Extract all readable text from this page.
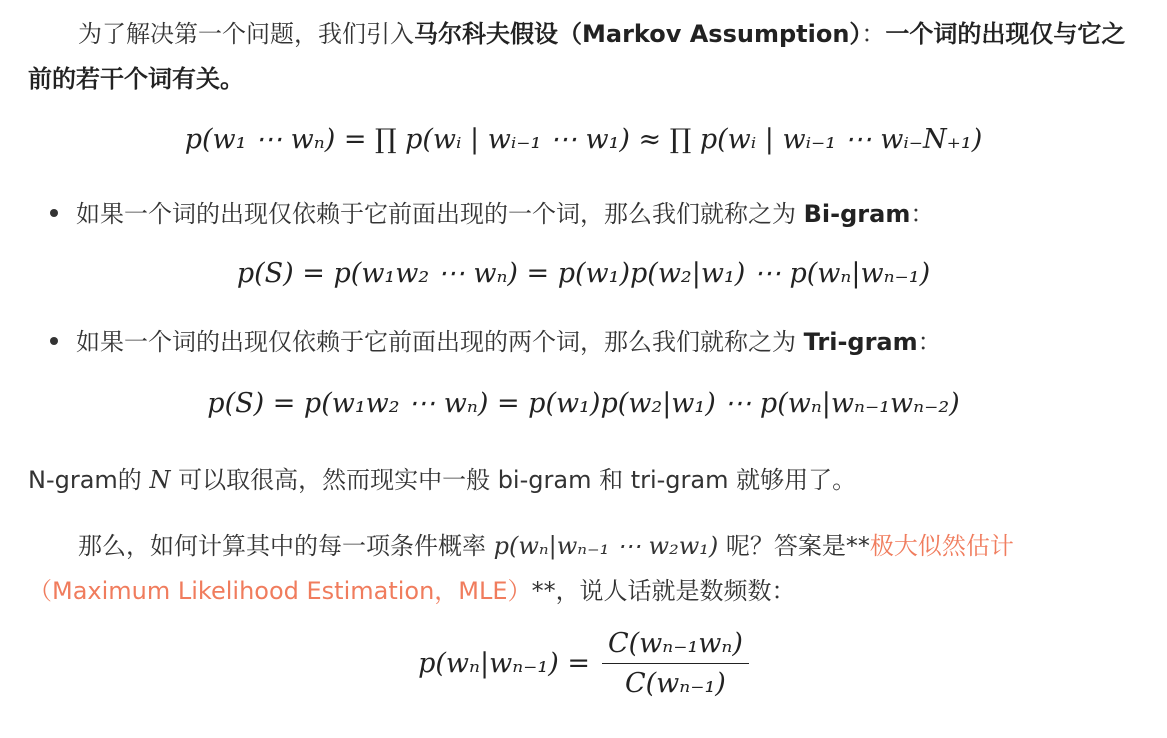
为了解决第一个问题，我们引入马尔科夫假设（Markov Assumption）：一个词的出现仅与它之前的若干个词有关。
p(w₁ ⋯ wₙ) = ∏ p(wᵢ | wᵢ₋₁ ⋯ w₁) ≈ ∏ p(wᵢ | wᵢ₋₁ ⋯ wᵢ₋N₊₁)
如果一个词的出现仅依赖于它前面出现的一个词，那么我们就称之为 Bi-gram：
p(S) = p(w₁w₂ ⋯ wₙ) = p(w₁)p(w₂|w₁) ⋯ p(wₙ|wₙ₋₁)
如果一个词的出现仅依赖于它前面出现的两个词，那么我们就称之为 Tri-gram：
p(S) = p(w₁w₂ ⋯ wₙ) = p(w₁)p(w₂|w₁) ⋯ p(wₙ|wₙ₋₁wₙ₋₂)
N-gram的 N 可以取很高，然而现实中一般 bi-gram 和 tri-gram 就够用了。
那么，如何计算其中的每一项条件概率 p(wₙ|wₙ₋₁ ⋯ w₂w₁) 呢？答案是**极大似然估计（Maximum Likelihood Estimation，MLE）**，说人话就是数频数：
$p(w_n|w_{n-1}) = \frac{\text{C(wₙ₋₁wₙ)}}{\text{C(wₙ₋₁)}}$
